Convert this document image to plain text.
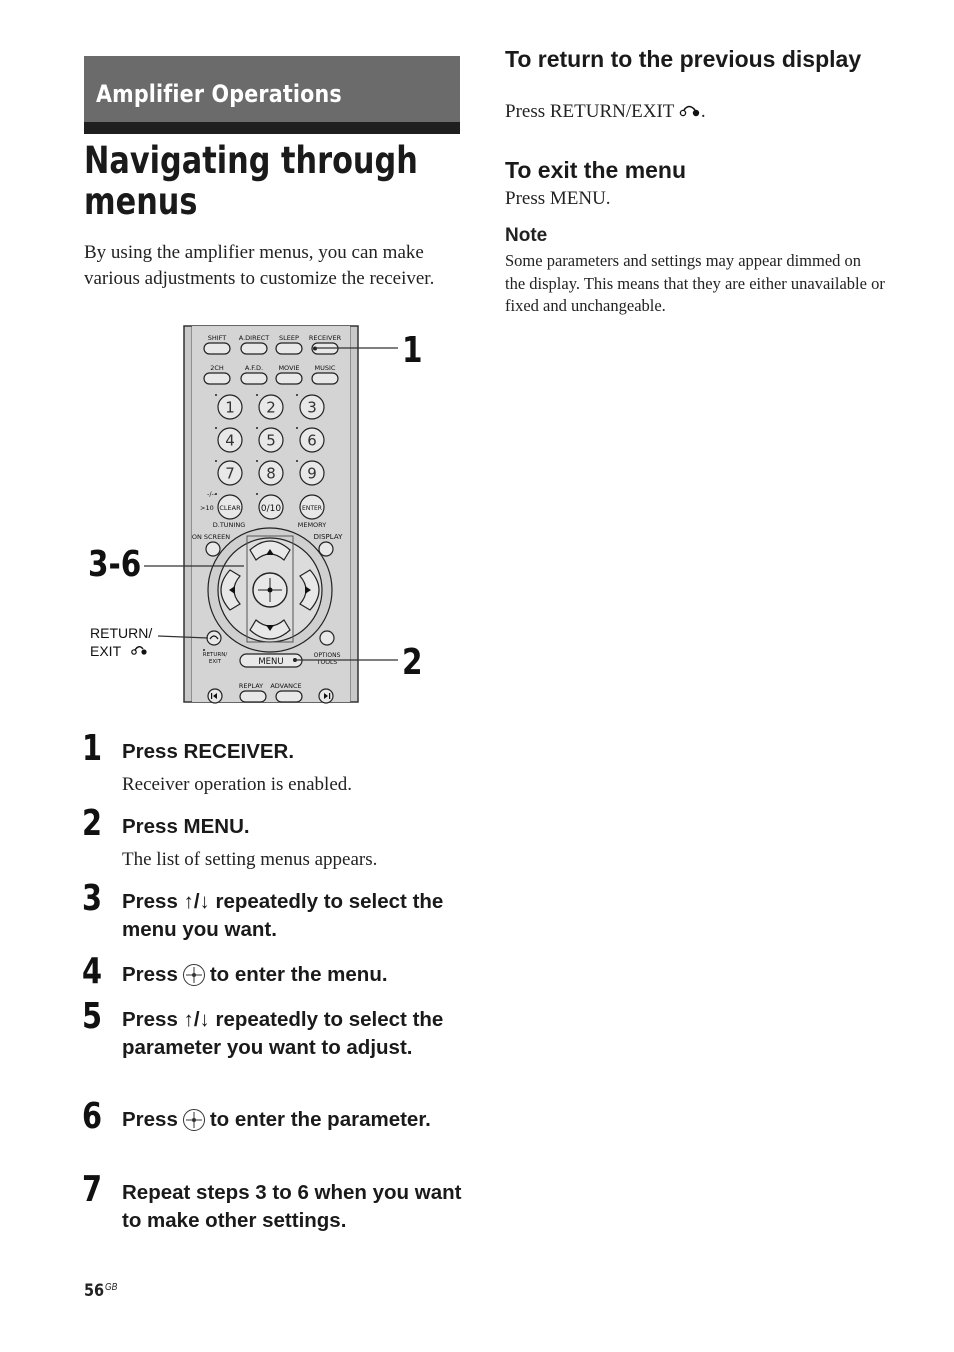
Amplifier Operations
Navigating through menus

By using the amplifier menus, you can make various adjustments to customize the receiver.

SHIFT A.DIRECT SLEEP RECEIVER
2CH	A.F.D. MOVIE MUSIC
1 2 3
4 5 6
7 8 9
-/--
>10 CLEAR 0/10	ENTER
D.TUNING	MEMORY
ON SCREEN	DISPLAY
RETURN/
EXIT	MENU
OPTIONS
TOOLS
REPLAY ADVANCE
1
3-6
2
RETURN/
EXIT
1 Press RECEIVER.

Receiver operation is enabled.

2 Press MENU.

The list of setting menus appears.

3 Press ↑/↓ repeatedly to select the menu you want.

4 Press to enter the menu.

5 Press ↑/↓ repeatedly to select the parameter you want to adjust.

6 Press to enter the parameter.

7 Repeat steps 3 to 6 when you want to make other settings.

To return to the previous display

Press RETURN/EXIT .

To exit the menu

Press MENU.

Note

Some parameters and settings may appear dimmed on the display. This means that they are either unavailable or fixed and unchangeable.

$56^{GB}$
